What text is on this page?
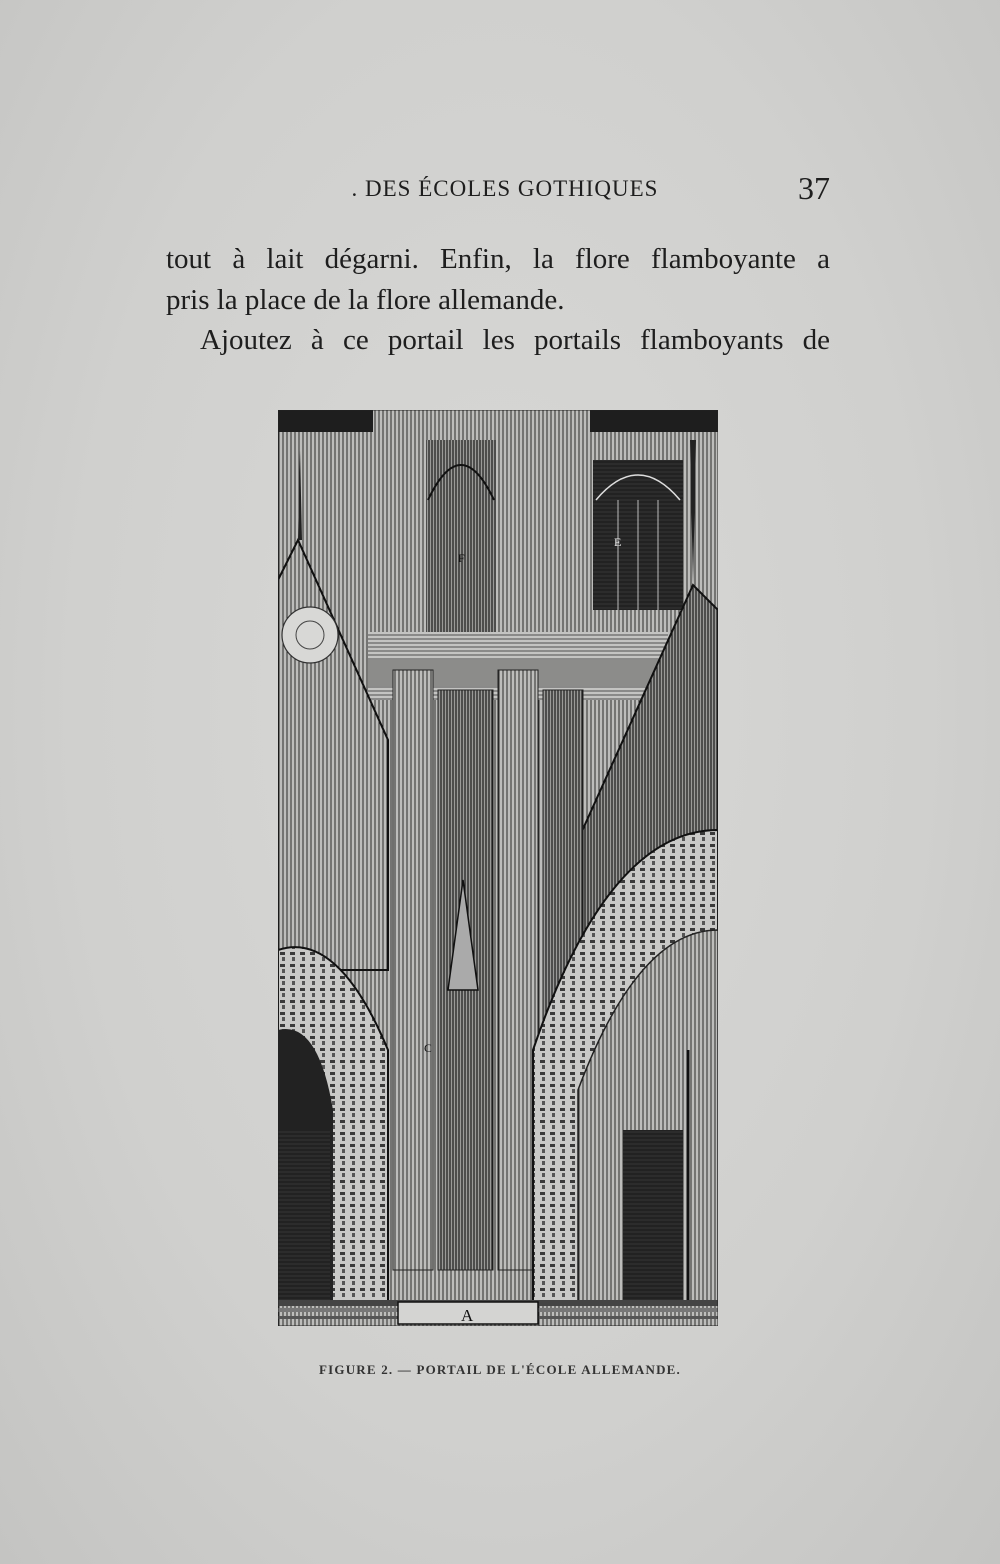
. DES ÉCOLES GOTHIQUES	37
tout à lait dégarni. Enfin, la flore flamboyante a
pris la place de la flore allemande.
Ajoutez à ce portail les portails flamboyants de
F
E
C
A
FIGURE 2. — PORTAIL DE L'ÉCOLE ALLEMANDE.
